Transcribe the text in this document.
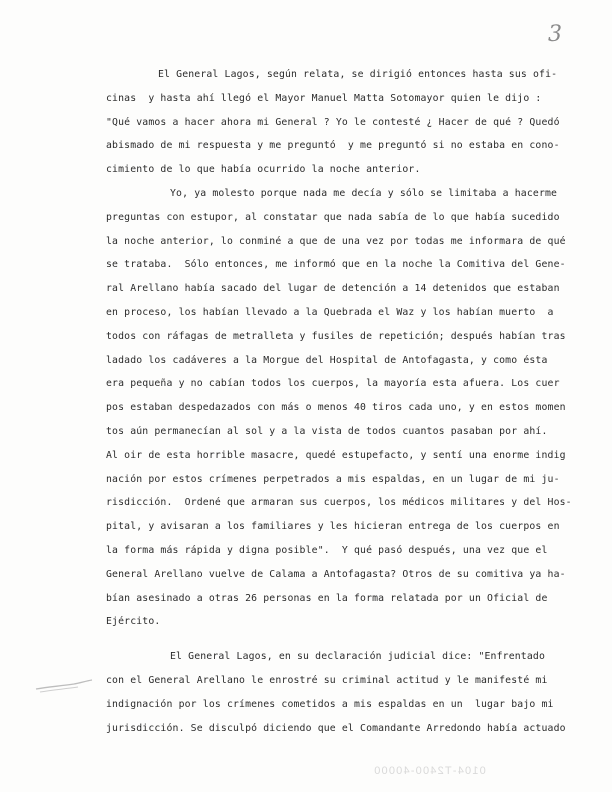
3
El General Lagos, según relata, se dirigió entonces hasta sus ofi-
cinas  y hasta ahí llegó el Mayor Manuel Matta Sotomayor quien le dijo :
"Qué vamos a hacer ahora mi General ? Yo le contesté ¿ Hacer de qué ? Quedó
abismado de mi respuesta y me preguntó  y me preguntó si no estaba en cono-
cimiento de lo que había ocurrido la noche anterior.
Yo, ya molesto porque nada me decía y sólo se limitaba a hacerme
preguntas con estupor, al constatar que nada sabía de lo que había sucedido
la noche anterior, lo conminé a que de una vez por todas me informara de qué
se trataba.  Sólo entonces, me informó que en la noche la Comitiva del Gene-
ral Arellano había sacado del lugar de detención a 14 detenidos que estaban
en proceso, los habían llevado a la Quebrada el Waz y los habían muerto  a
todos con ráfagas de metralleta y fusiles de repetición; después habían tras
ladado los cadáveres a la Morgue del Hospital de Antofagasta, y como ésta
era pequeña y no cabían todos los cuerpos, la mayoría esta afuera. Los cuer
pos estaban despedazados con más o menos 40 tiros cada uno, y en estos momen
tos aún permanecían al sol y a la vista de todos cuantos pasaban por ahí.
Al oir de esta horrible masacre, quedé estupefacto, y sentí una enorme indig
nación por estos crímenes perpetrados a mis espaldas, en un lugar de mi ju-
risdicción.  Ordené que armaran sus cuerpos, los médicos militares y del Hos-
pital, y avisaran a los familiares y les hicieran entrega de los cuerpos en
la forma más rápida y digna posible".  Y qué pasó después, una vez que el
General Arellano vuelve de Calama a Antofagasta? Otros de su comitiva ya ha-
bían asesinado a otras 26 personas en la forma relatada por un Oficial de
Ejército.
El General Lagos, en su declaración judicial dice: "Enfrentado
con el General Arellano le enrostré su criminal actitud y le manifesté mi
indignación por los crímenes cometidos a mis espaldas en un  lugar bajo mi
jurisdicción. Se disculpó diciendo que el Comandante Arredondo había actuado
0104-T2400-40000
